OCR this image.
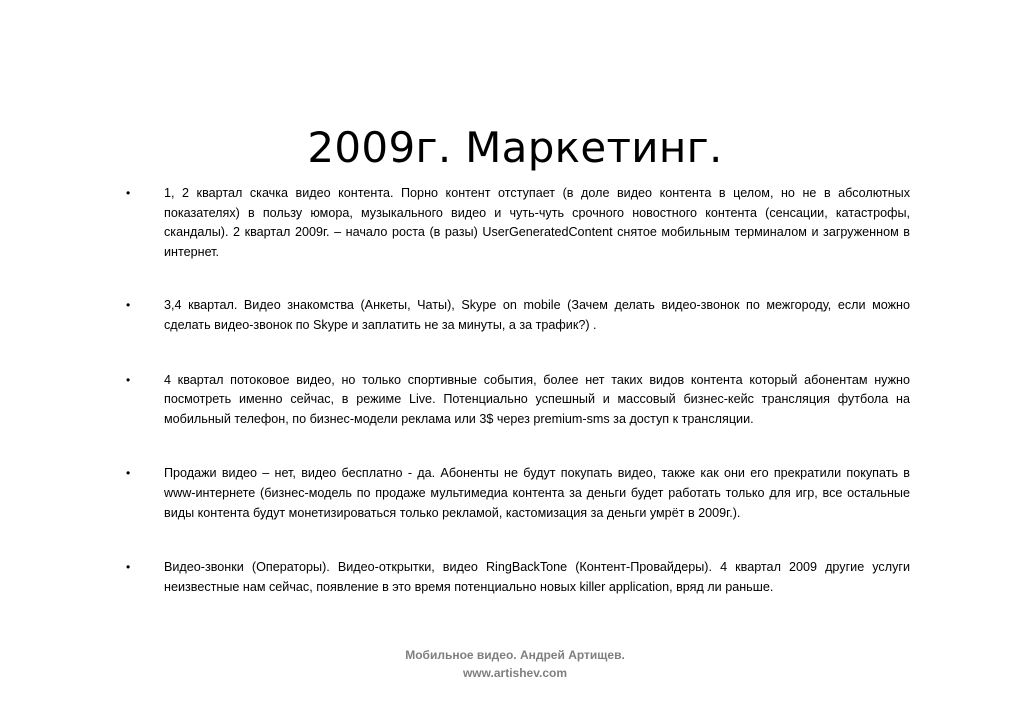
2009г. Маркетинг.
•	1, 2 квартал скачка видео контента. Порно контент отступает (в доле видео контента в целом, но не в абсолютных показателях) в пользу юмора, музыкального видео и чуть-чуть срочного новостного контента (сенсации, катастрофы, скандалы). 2 квартал 2009г. – начало роста (в разы) UserGeneratedContent снятое мобильным терминалом и загруженном в интернет.
•	3,4 квартал. Видео знакомства (Анкеты, Чаты), Skype on mobile (Зачем делать видео-звонок по межгороду, если можно сделать видео-звонок по Skype и заплатить не за минуты, а за трафик?) .
•	4 квартал потоковое видео, но только спортивные события, более нет таких видов контента который абонентам нужно посмотреть именно сейчас, в режиме Live. Потенциально успешный и массовый бизнес-кейс трансляция футбола на мобильный телефон, по бизнес-модели реклама или 3$ через premium-sms за доступ к трансляции.
•	Продажи видео – нет, видео бесплатно - да. Абоненты не будут покупать видео, также как они его прекратили покупать в www-интернете (бизнес-модель по продаже мультимедиа контента за деньги будет работать только для игр, все остальные виды контента будут монетизироваться только рекламой, кастомизация за деньги умрёт в 2009г.).
•	Видео-звонки (Операторы). Видео-открытки, видео RingBackTone (Контент-Провайдеры). 4 квартал 2009 другие услуги неизвестные нам сейчас, появление в это время потенциально новых killer application, вряд ли раньше.
Мобильное видео. Андрей Артищев.
www.artishev.com
